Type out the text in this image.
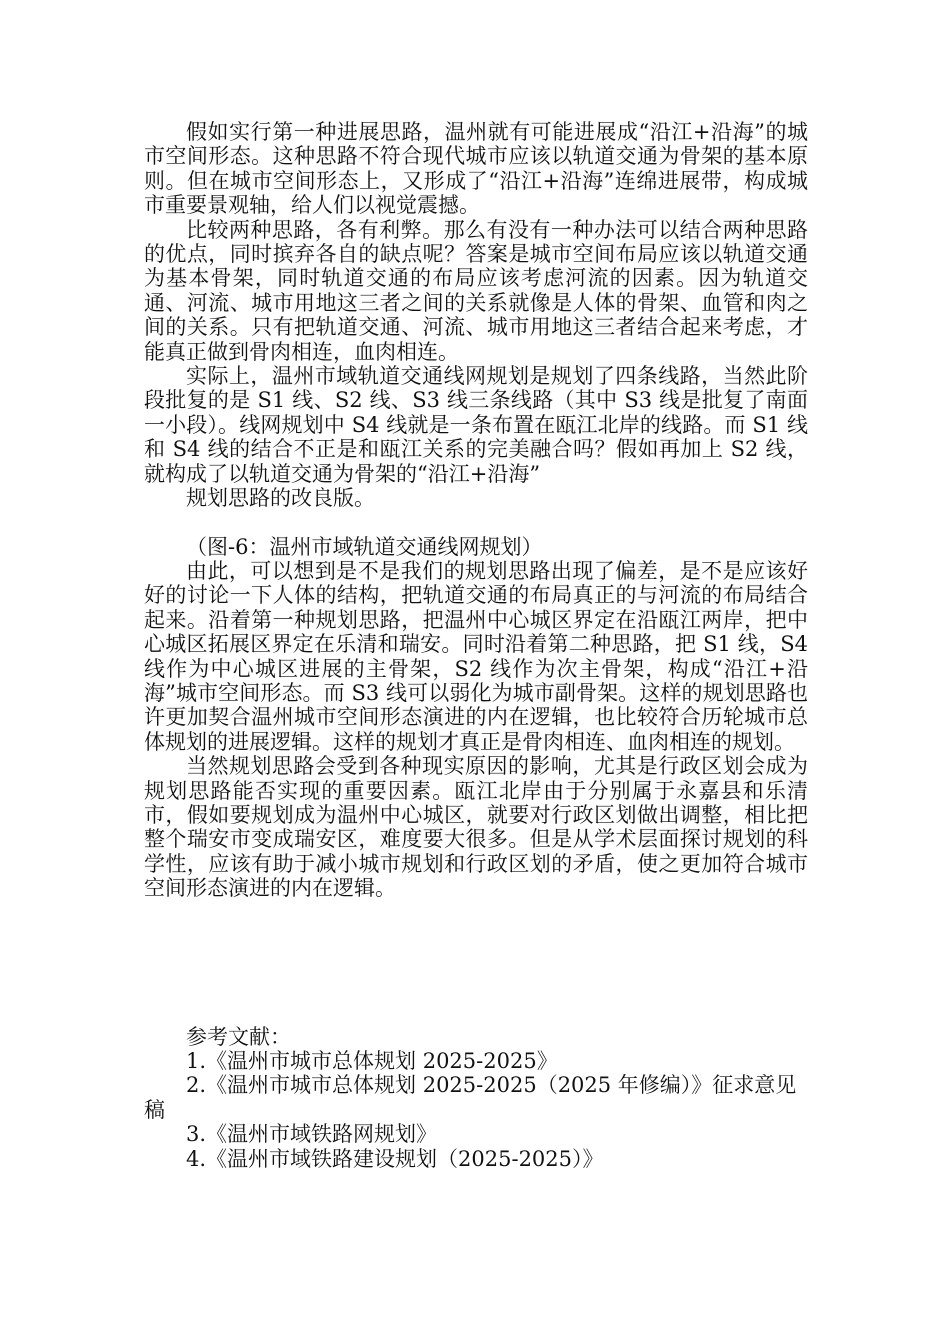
假如实行第一种进展思路，温州就有可能进展成“沿江+沿海”的城市空间形态。这种思路不符合现代城市应该以轨道交通为骨架的基本原则。但在城市空间形态上，又形成了“沿江+沿海”连绵进展带，构成城市重要景观轴，给人们以视觉震撼。

比较两种思路，各有利弊。那么有没有一种办法可以结合两种思路的优点，同时摈弃各自的缺点呢？答案是城市空间布局应该以轨道交通为基本骨架，同时轨道交通的布局应该考虑河流的因素。因为轨道交通、河流、城市用地这三者之间的关系就像是人体的骨架、血管和肉之间的关系。只有把轨道交通、河流、城市用地这三者结合起来考虑，才能真正做到骨肉相连，血肉相连。

实际上，温州市域轨道交通线网规划是规划了四条线路，当然此阶段批复的是 S1 线、S2 线、S3 线三条线路（其中 S3 线是批复了南面一小段）。线网规划中 S4 线就是一条布置在瓯江北岸的线路。而 S1 线和 S4 线的结合不正是和瓯江关系的完美融合吗？假如再加上 S2 线，就构成了以轨道交通为骨架的“沿江+沿海”

规划思路的改良版。

（图-6：温州市域轨道交通线网规划）

由此，可以想到是不是我们的规划思路出现了偏差，是不是应该好好的讨论一下人体的结构，把轨道交通的布局真正的与河流的布局结合起来。沿着第一种规划思路，把温州中心城区界定在沿瓯江两岸，把中心城区拓展区界定在乐清和瑞安。同时沿着第二种思路，把 S1 线，S4 线作为中心城区进展的主骨架，S2 线作为次主骨架，构成“沿江+沿海”城市空间形态。而 S3 线可以弱化为城市副骨架。这样的规划思路也许更加契合温州城市空间形态演进的内在逻辑，也比较符合历轮城市总体规划的进展逻辑。这样的规划才真正是骨肉相连、血肉相连的规划。

当然规划思路会受到各种现实原因的影响，尤其是行政区划会成为规划思路能否实现的重要因素。瓯江北岸由于分别属于永嘉县和乐清市，假如要规划成为温州中心城区，就要对行政区划做出调整，相比把整个瑞安市变成瑞安区，难度要大很多。但是从学术层面探讨规划的科学性，应该有助于减小城市规划和行政区划的矛盾，使之更加符合城市空间形态演进的内在逻辑。

参考文献：

1.《温州市城市总体规划 2025-2025》

2.《温州市城市总体规划 2025-2025（2025 年修编）》征求意见稿

3.《温州市域铁路网规划》

4.《温州市域铁路建设规划（2025-2025）》
